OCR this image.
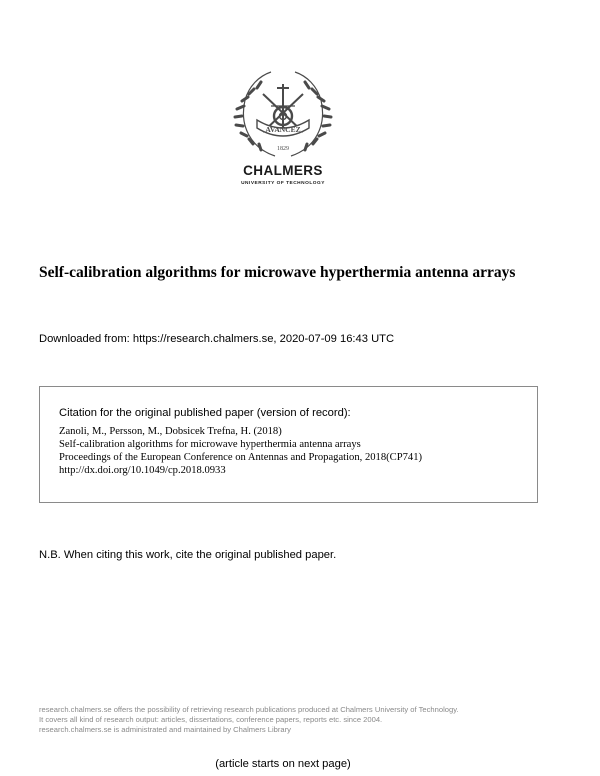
AVANCEZ
1829
CHALMERS
UNIVERSITY OF TECHNOLOGY
Self-calibration algorithms for microwave hyperthermia antenna arrays
Downloaded from: https://research.chalmers.se, 2020-07-09 16:43 UTC
Citation for the original published paper (version of record):
Zanoli, M., Persson, M., Dobsicek Trefna, H. (2018)
Self-calibration algorithms for microwave hyperthermia antenna arrays
Proceedings of the European Conference on Antennas and Propagation, 2018(CP741)
http://dx.doi.org/10.1049/cp.2018.0933
N.B. When citing this work, cite the original published paper.
research.chalmers.se offers the possibility of retrieving research publications produced at Chalmers University of Technology.
It covers all kind of research output: articles, dissertations, conference papers, reports etc. since 2004.
research.chalmers.se is administrated and maintained by Chalmers Library
(article starts on next page)
